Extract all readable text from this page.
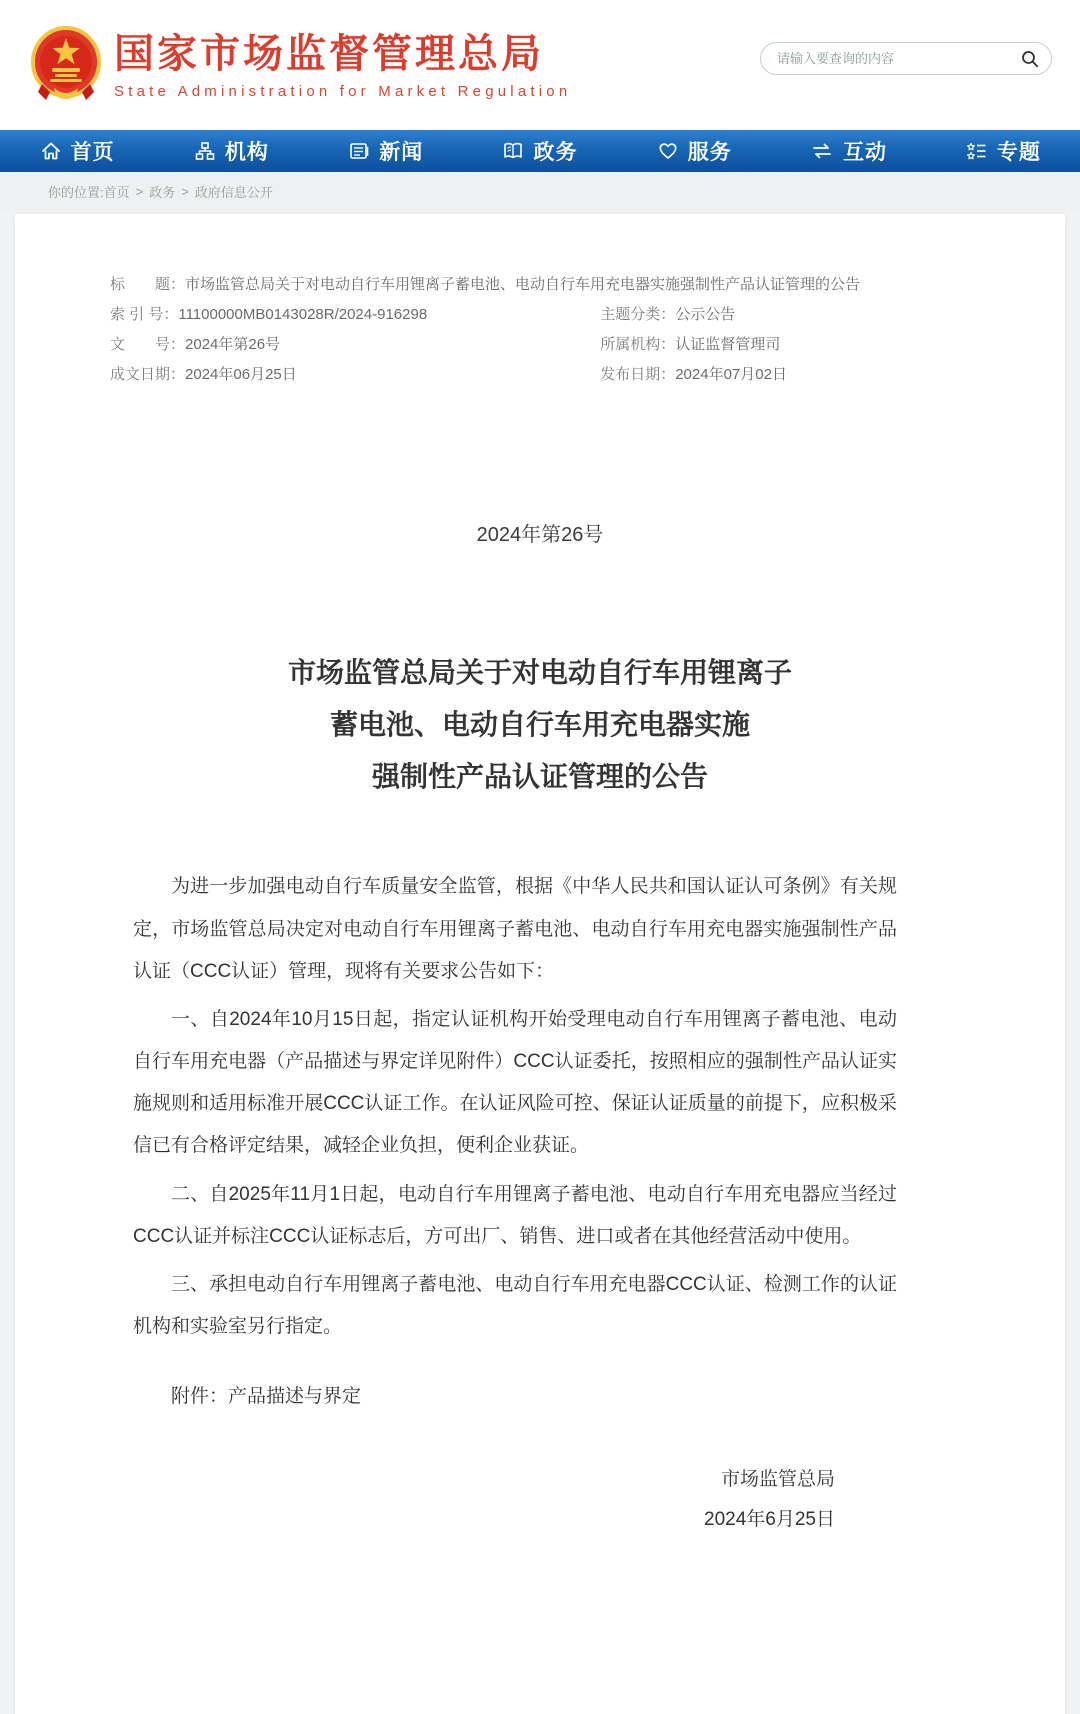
国家市场监督管理总局
State Administration for Market Regulation
请输入要查询的内容
首页	机构	新闻	政务	服务	互动	专题
你的位置: 首页 > 政务 > 政府信息公开
标　　题： 市场监管总局关于对电动自行车用锂离子蓄电池、电动自行车用充电器实施强制性产品认证管理的公告
索 引 号： 11100000MB0143028R/2024-916298	主题分类： 公示公告
文　　号： 2024年第26号	所属机构： 认证监督管理司
成文日期： 2024年06月25日	发布日期： 2024年07月02日
2024年第26号
市场监管总局关于对电动自行车用锂离子
蓄电池、电动自行车用充电器实施
强制性产品认证管理的公告

为进一步加强电动自行车质量安全监管，根据《中华人民共和国认证认可条例》有关规定，市场监管总局决定对电动自行车用锂离子蓄电池、电动自行车用充电器实施强制性产品认证（CCC认证）管理，现将有关要求公告如下：

一、自2024年10月15日起，指定认证机构开始受理电动自行车用锂离子蓄电池、电动自行车用充电器（产品描述与界定详见附件）CCC认证委托，按照相应的强制性产品认证实施规则和适用标准开展CCC认证工作。在认证风险可控、保证认证质量的前提下，应积极采信已有合格评定结果，减轻企业负担，便利企业获证。

二、自2025年11月1日起，电动自行车用锂离子蓄电池、电动自行车用充电器应当经过CCC认证并标注CCC认证标志后，方可出厂、销售、进口或者在其他经营活动中使用。

三、承担电动自行车用锂离子蓄电池、电动自行车用充电器CCC认证、检测工作的认证机构和实验室另行指定。

附件：产品描述与界定

市场监管总局
2024年6月25日
